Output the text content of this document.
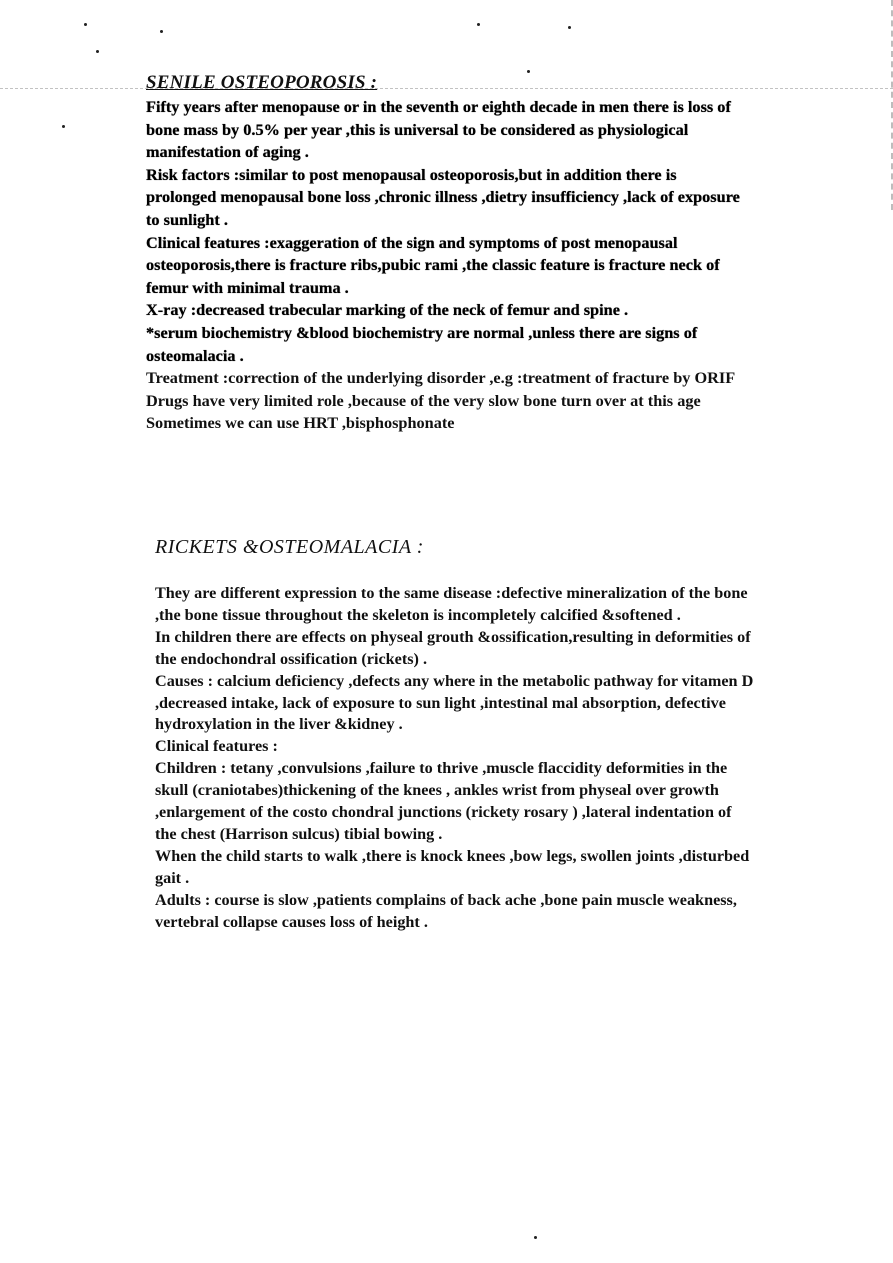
SENILE OSTEOPOROSIS :

Fifty years after menopause or in the seventh or eighth decade in men there is loss of bone mass by 0.5% per year ,this is universal to be considered as physiological manifestation of aging .

Risk factors :similar to post menopausal osteoporosis,but in addition there is prolonged menopausal bone loss ,chronic illness ,dietry insufficiency ,lack of exposure to sunlight .

Clinical features :exaggeration of the sign and symptoms of post menopausal osteoporosis,there is fracture ribs,pubic rami ,the classic feature is fracture neck of femur with minimal trauma .

X-ray :decreased trabecular marking of the neck of femur and spine .

*serum biochemistry &blood biochemistry are normal ,unless there are signs of osteomalacia .

Treatment :correction of the underlying disorder ,e.g :treatment of fracture by ORIF

Drugs have very limited role ,because of the very slow bone turn over at this age

Sometimes we can use HRT ,bisphosphonate

RICKETS &OSTEOMALACIA :

They are different expression to the same disease :defective mineralization of the bone ,the bone tissue throughout the skeleton is incompletely calcified &softened .

In children there are effects on physeal grouth &ossification,resulting in deformities of the endochondral ossification (rickets) .

Causes : calcium deficiency ,defects any where in the metabolic pathway for vitamen D ,decreased intake, lack of exposure to sun light ,intestinal mal absorption, defective hydroxylation in the liver &kidney .

Clinical features :

Children : tetany ,convulsions ,failure to thrive ,muscle flaccidity deformities in the skull (craniotabes)thickening of the knees , ankles wrist from physeal over growth ,enlargement of the costo chondral junctions (rickety rosary ) ,lateral indentation of the chest (Harrison sulcus) tibial bowing .

When the child starts to walk ,there is knock knees ,bow legs, swollen joints ,disturbed gait .

Adults : course is slow ,patients complains of back ache ,bone pain muscle weakness, vertebral collapse causes loss of height .
